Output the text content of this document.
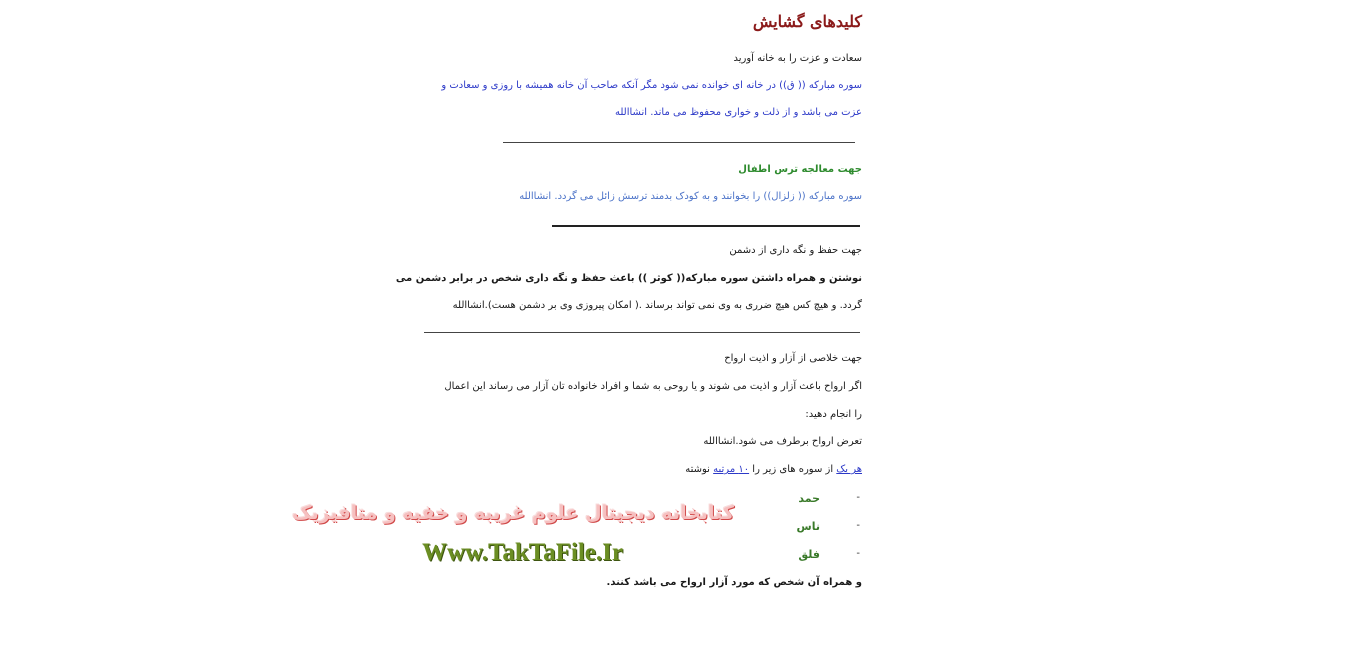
کلیدهای گشایش
سعادت و عزت را به خانه آورید
سوره مبارکه (( ق)) در خانه ای خوانده نمی شود مگر آنکه صاحب آن خانه همیشه با روزی و سعادت و
عزت می باشد و از ذلت و خواری محفوظ می ماند. انشاالله
جهت معالجه ترس اطفال
سوره مبارکه (( زلزال)) را بخوانند و به کودک بدمند ترسش زائل می گردد. انشاالله
جهت حفظ و نگه داری از دشمن
نوشتن و همراه داشتن سوره مبارکه(( کوثر )) باعث حفظ و نگه داری شخص در برابر دشمن می
گردد. و هیچ کس هیچ ضرری به وی نمی تواند برساند .( امکان پیروزی وی بر دشمن هست).انشاالله
جهت خلاصی از آزار و اذیت ارواح
اگر ارواح باعث آزار و اذیت می شوند و یا روحی به شما و افراد خانواده تان آزار می رساند این اعمال
را انجام دهید:
تعرض ارواح برطرف می شود.انشاالله
هر یک از سوره های زیر را ۱۰ مرتبه نوشته
-
حمد
-
ناس
-
فلق
و همراه آن شخص که مورد آزار ارواح می باشد کنند.
کتابخانه دیجیتال علوم غریبه و خفیه و متافیزیک
Www.TakTaFile.Ir
